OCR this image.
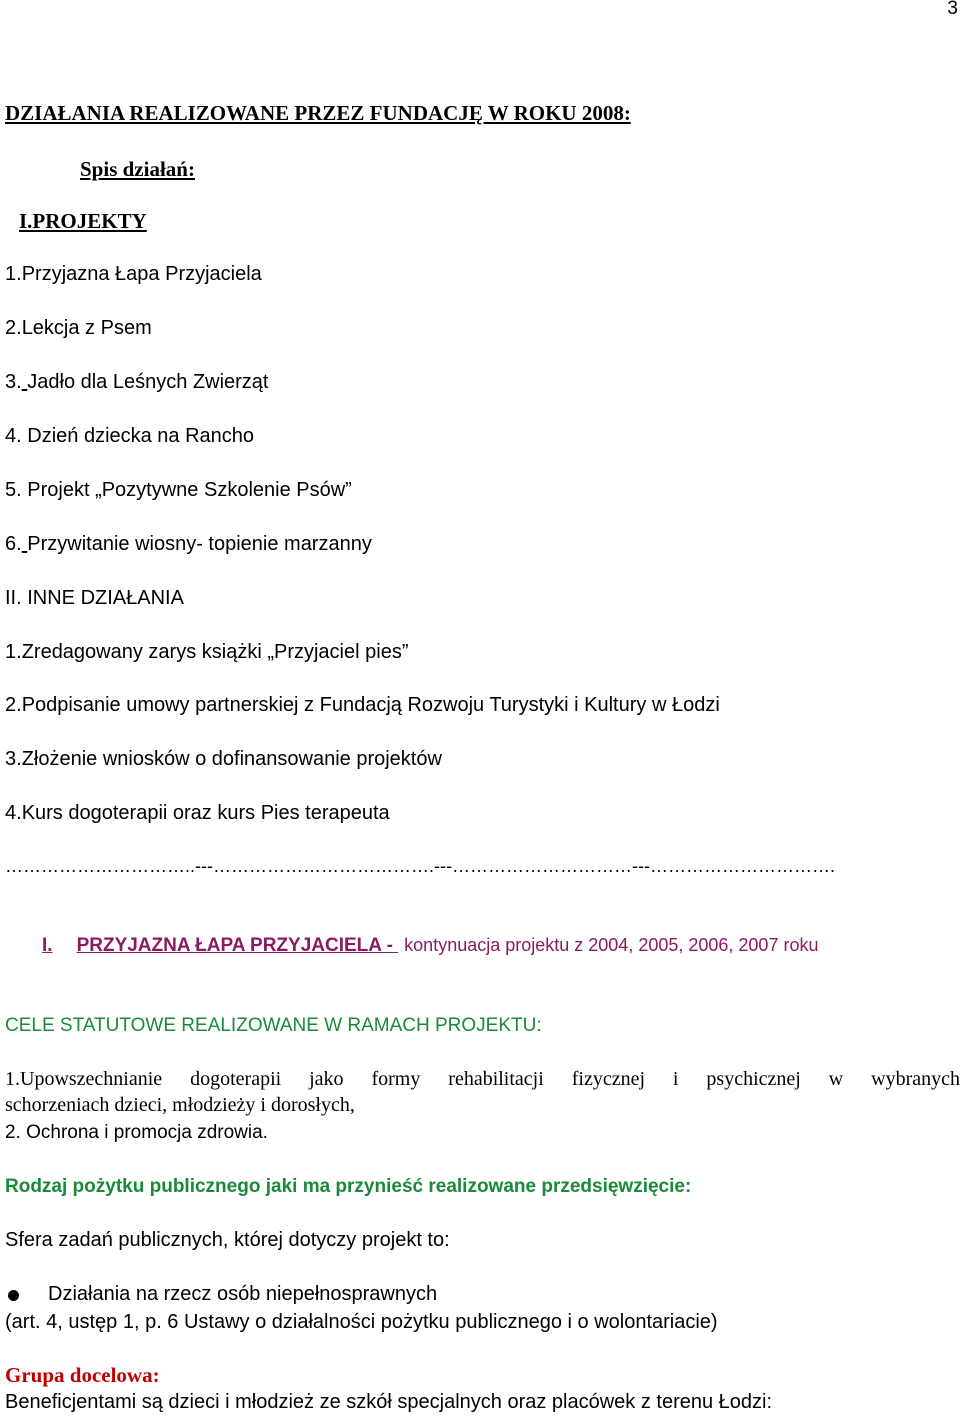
3
DZIAŁANIA REALIZOWANE PRZEZ FUNDACJĘ W ROKU 2008:
Spis działań:
I.PROJEKTY
1.Przyjazna Łapa Przyjaciela
2.Lekcja z Psem
3. Jadło dla Leśnych Zwierząt
4. Dzień dziecka na Rancho
5. Projekt „Pozytywne Szkolenie Psów”
6. Przywitanie wiosny- topienie marzanny
II. INNE DZIAŁANIA
1.Zredagowany zarys książki „Przyjaciel pies”
2.Podpisanie umowy partnerskiej z Fundacją Rozwoju Turystyki i Kultury w Łodzi
3.Złożenie wniosków o dofinansowanie projektów
4.Kurs dogoterapii oraz kurs Pies terapeuta
…………………………..---……………………………….---…………………………---………………………….
I. PRZYJAZNA ŁAPA PRZYJACIELA - kontynuacja projektu z 2004, 2005, 2006, 2007 roku
CELE STATUTOWE REALIZOWANE W RAMACH PROJEKTU:
1.Upowszechnianie dogoterapii jako formy rehabilitacji fizycznej i psychicznej w wybranych
schorzeniach dzieci, młodzieży i dorosłych,
2. Ochrona i promocja zdrowia.
Rodzaj pożytku publicznego jaki ma przynieść realizowane przedsięwzięcie:
Sfera zadań publicznych, której dotyczy projekt to:
Działania na rzecz osób niepełnosprawnych
(art. 4, ustęp 1, p. 6 Ustawy o działalności pożytku publicznego i o wolontariacie)
Grupa docelowa:
Beneficjentami są dzieci i młodzież ze szkół specjalnych oraz placówek z terenu Łodzi:
